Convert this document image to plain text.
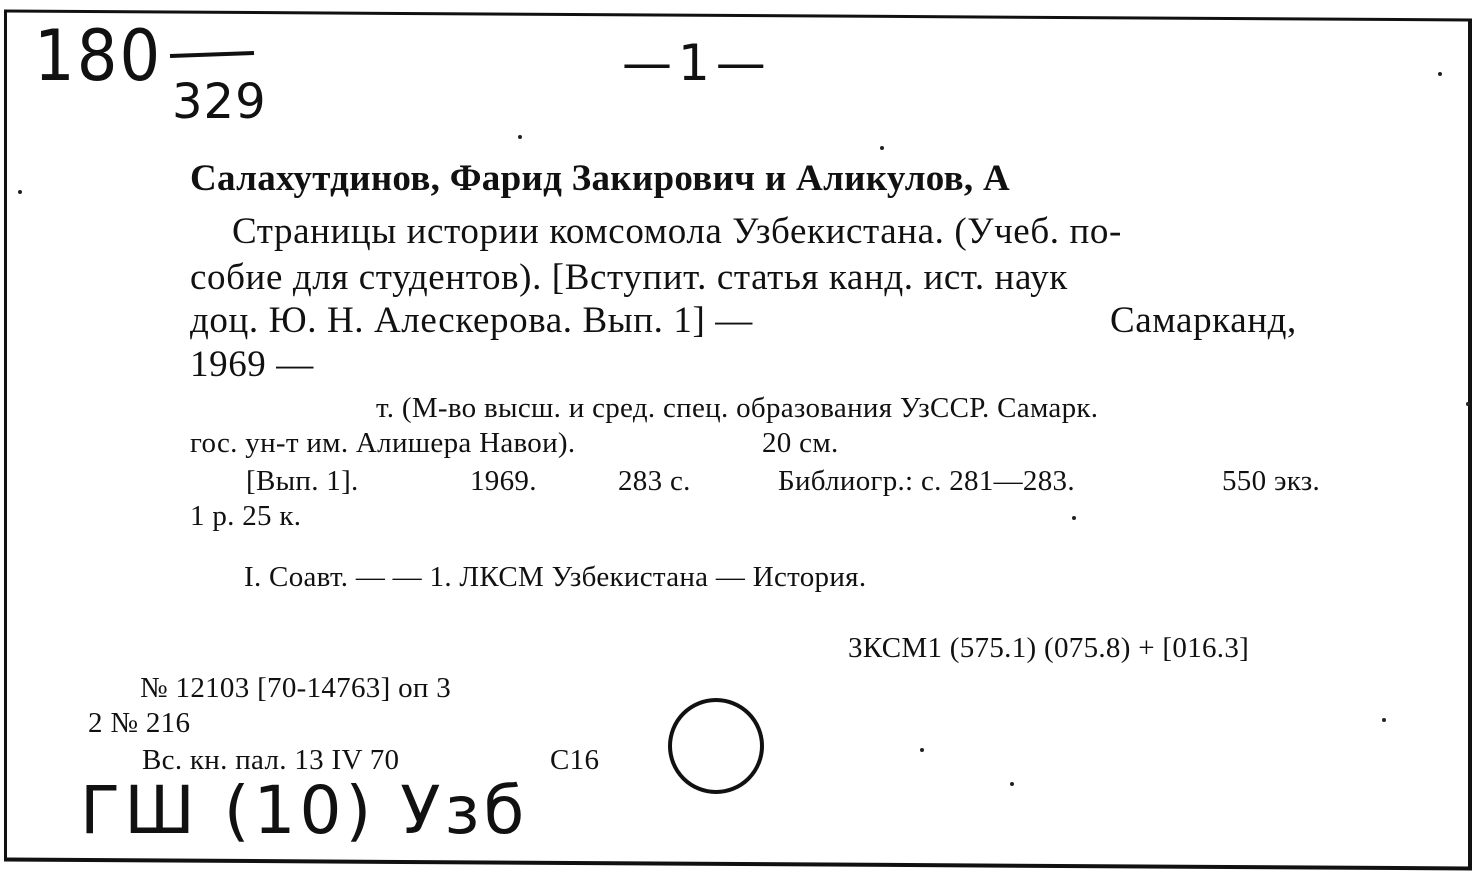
180
329
—1—
Салахутдинов, Фарид Закирович и Аликулов, А
Страницы истории комсомола Узбекистана. (Учеб. по-
собие для студентов). [Вступит. статья канд. ист. наук
доц. Ю. Н. Алескерова. Вып. 1] —	Самарканд,
1969 —
т. (М-во высш. и сред. спец. образования УзССР. Самарк.
гос. ун-т им. Алишера Навои).	20 см.
[Вып. 1].	1969.	283 с.	Библиогр.: с. 281—283.	550 экз.
1 р. 25 к.
I. Соавт. — — 1. ЛКСМ Узбекистана — История.
3КСМ1 (575.1) (075.8) + [016.3]
№ 12103 [70-14763] оп 3
2 № 216
Вс. кн. пал. 13 IV 70	С16
ГШ (10) Узб
